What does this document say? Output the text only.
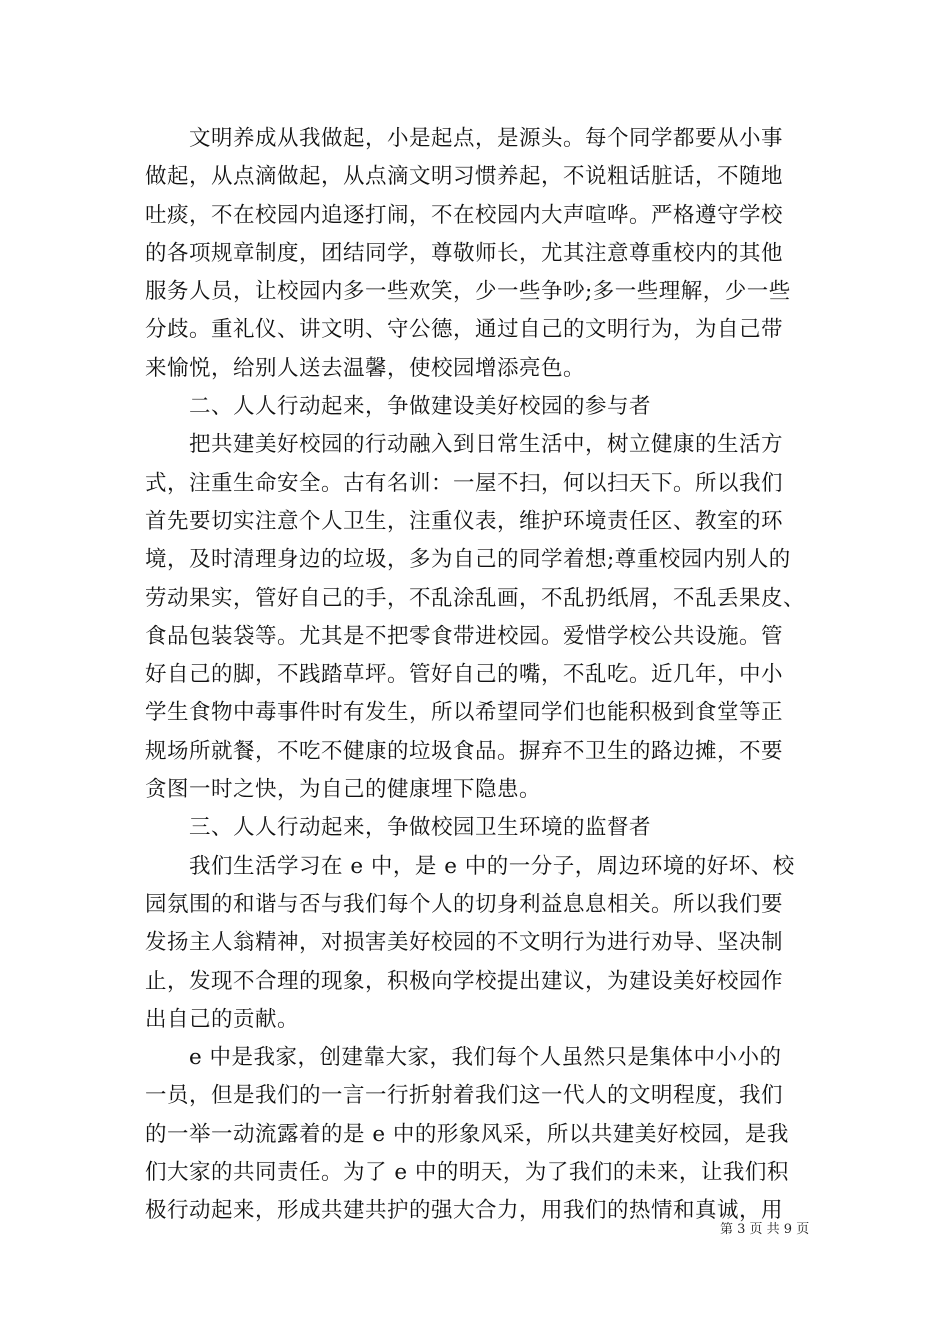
　　文明养成从我做起，小是起点，是源头。每个同学都要从小事
做起，从点滴做起，从点滴文明习惯养起，不说粗话脏话，不随地
吐痰，不在校园内追逐打闹，不在校园内大声喧哗。严格遵守学校
的各项规章制度，团结同学，尊敬师长，尤其注意尊重校内的其他
服务人员，让校园内多一些欢笑，少一些争吵;多一些理解，少一些
分歧。重礼仪、讲文明、守公德，通过自己的文明行为，为自己带
来愉悦，给别人送去温馨，使校园增添亮色。
　　二、人人行动起来，争做建设美好校园的参与者
　　把共建美好校园的行动融入到日常生活中，树立健康的生活方
式，注重生命安全。古有名训：一屋不扫，何以扫天下。所以我们
首先要切实注意个人卫生，注重仪表，维护环境责任区、教室的环
境，及时清理身边的垃圾，多为自己的同学着想;尊重校园内别人的
劳动果实，管好自己的手，不乱涂乱画，不乱扔纸屑，不乱丢果皮、
食品包装袋等。尤其是不把零食带进校园。爱惜学校公共设施。管
好自己的脚，不践踏草坪。管好自己的嘴，不乱吃。近几年，中小
学生食物中毒事件时有发生，所以希望同学们也能积极到食堂等正
规场所就餐，不吃不健康的垃圾食品。摒弃不卫生的路边摊，不要
贪图一时之快，为自己的健康埋下隐患。
　　三、人人行动起来，争做校园卫生环境的监督者
　　我们生活学习在 e 中，是 e 中的一分子，周边环境的好坏、校
园氛围的和谐与否与我们每个人的切身利益息息相关。所以我们要
发扬主人翁精神，对损害美好校园的不文明行为进行劝导、坚决制
止，发现不合理的现象，积极向学校提出建议，为建设美好校园作
出自己的贡献。
　　e 中是我家，创建靠大家，我们每个人虽然只是集体中小小的
一员，但是我们的一言一行折射着我们这一代人的文明程度，我们
的一举一动流露着的是 e 中的形象风采，所以共建美好校园，是我
们大家的共同责任。为了 e 中的明天，为了我们的未来，让我们积
极行动起来，形成共建共护的强大合力，用我们的热情和真诚，用
第 3 页 共 9 页
